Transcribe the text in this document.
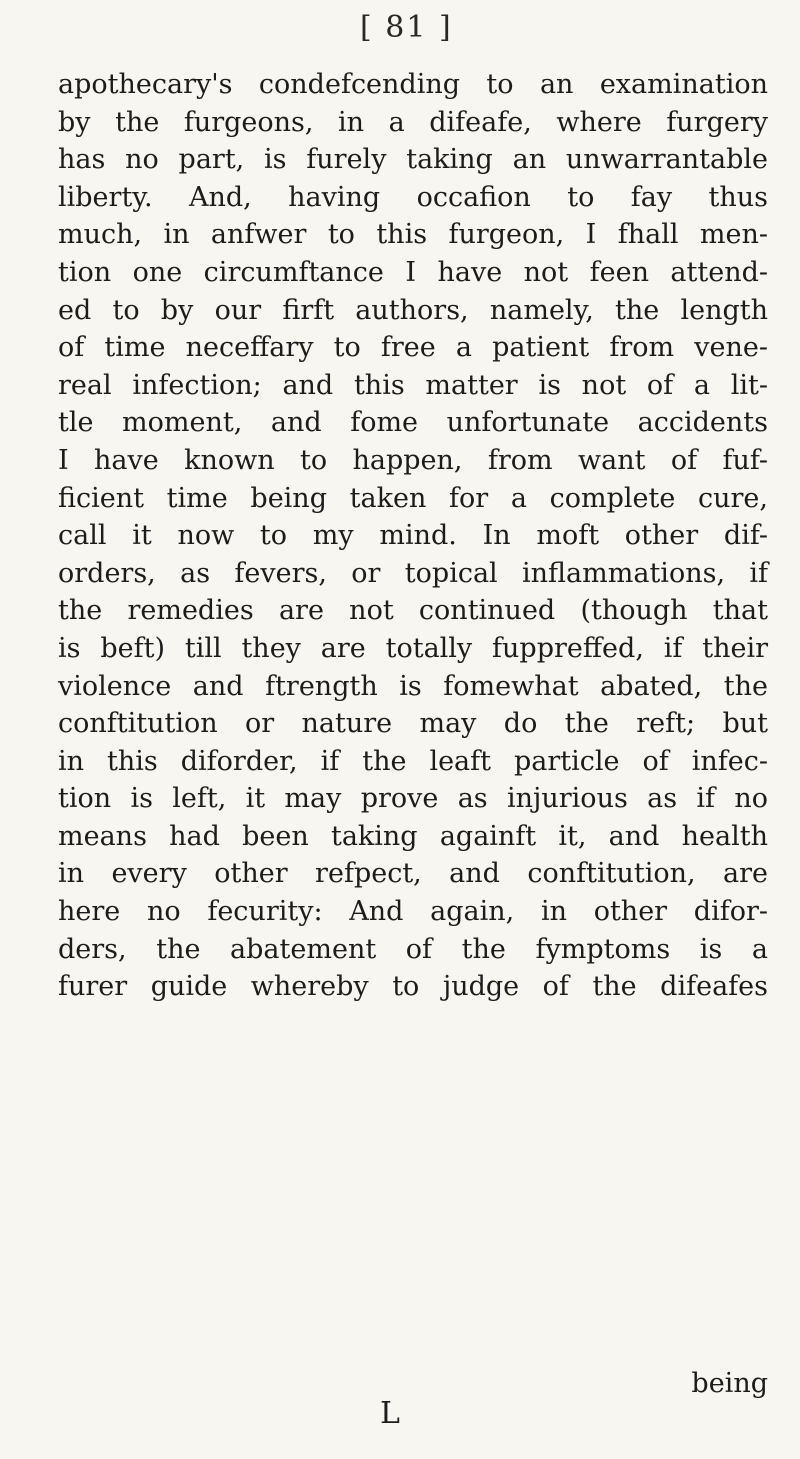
[ 81 ]
apothecary's condefcending to an examination
by the furgeons, in a difeafe, where furgery
has no part, is furely taking an unwarrantable
liberty. And, having occafion to fay thus
much, in anfwer to this furgeon, I fhall men-
tion one circumftance I have not feen attend-
ed to by our firft authors, namely, the length
of time neceffary to free a patient from vene-
real infection; and this matter is not of a lit-
tle moment, and fome unfortunate accidents
I have known to happen, from want of fuf-
ficient time being taken for a complete cure,
call it now to my mind. In moft other dif-
orders, as fevers, or topical inflammations, if
the remedies are not continued (though that
is beft) till they are totally fuppreffed, if their
violence and ftrength is fomewhat abated, the
conftitution or nature may do the reft; but
in this diforder, if the leaft particle of infec-
tion is left, it may prove as injurious as if no
means had been taking againft it, and health
in every other refpect, and conftitution, are
here no fecurity: And again, in other difor-
ders, the abatement of the fymptoms is a
furer guide whereby to judge of the difeafes
L
being
